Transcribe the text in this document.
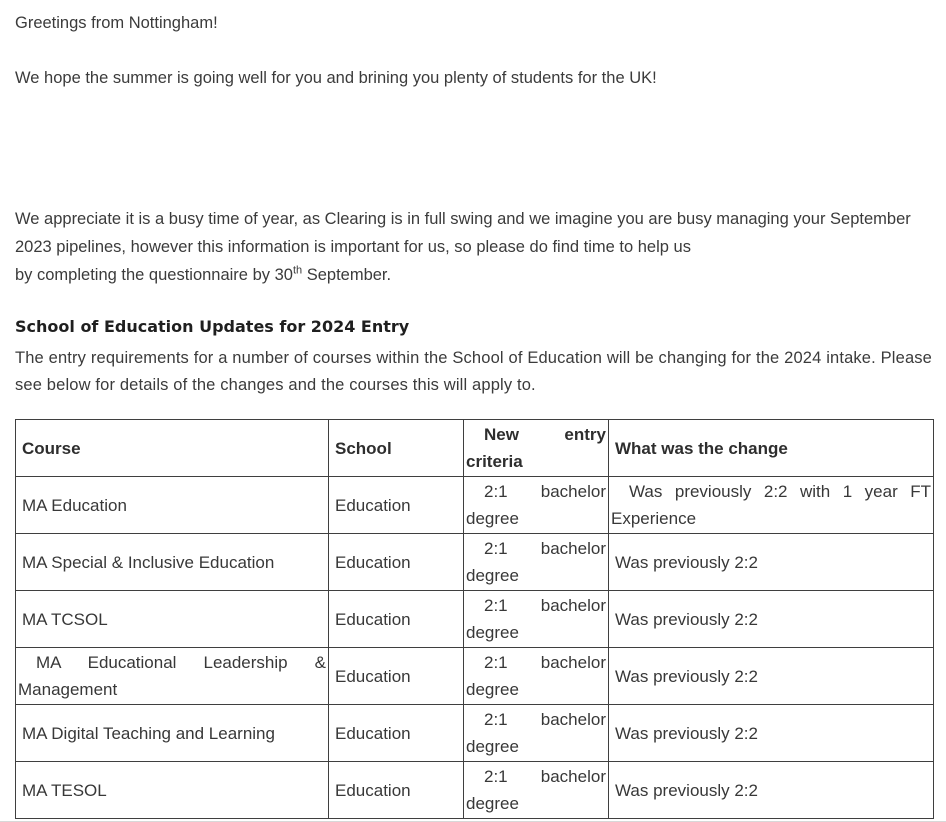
Greetings from Nottingham!

We hope the summer is going well for you and brining you plenty of students for the UK!

We appreciate it is a busy time of year, as Clearing is in full swing and we imagine you are busy managing your September 2023 pipelines, however this information is important for us, so please do find time to help us
by completing the questionnaire by 30th September.

School of Education Updates for 2024 Entry

The entry requirements for a number of courses within the School of Education will be changing for the 2024 intake. Please see below for details of the changes and the courses this will apply to.

Course	School	New entry criteria	What was the change
MA Education	Education	2:1 bachelor degree	Was previously 2:2 with 1 year FT Experience
MA Special & Inclusive Education	Education	2:1 bachelor degree	Was previously 2:2
MA TCSOL	Education	2:1 bachelor degree	Was previously 2:2
MA Educational Leadership & Management	Education	2:1 bachelor degree	Was previously 2:2
MA Digital Teaching and Learning	Education	2:1 bachelor degree	Was previously 2:2
MA TESOL	Education	2:1 bachelor degree	Was previously 2:2
